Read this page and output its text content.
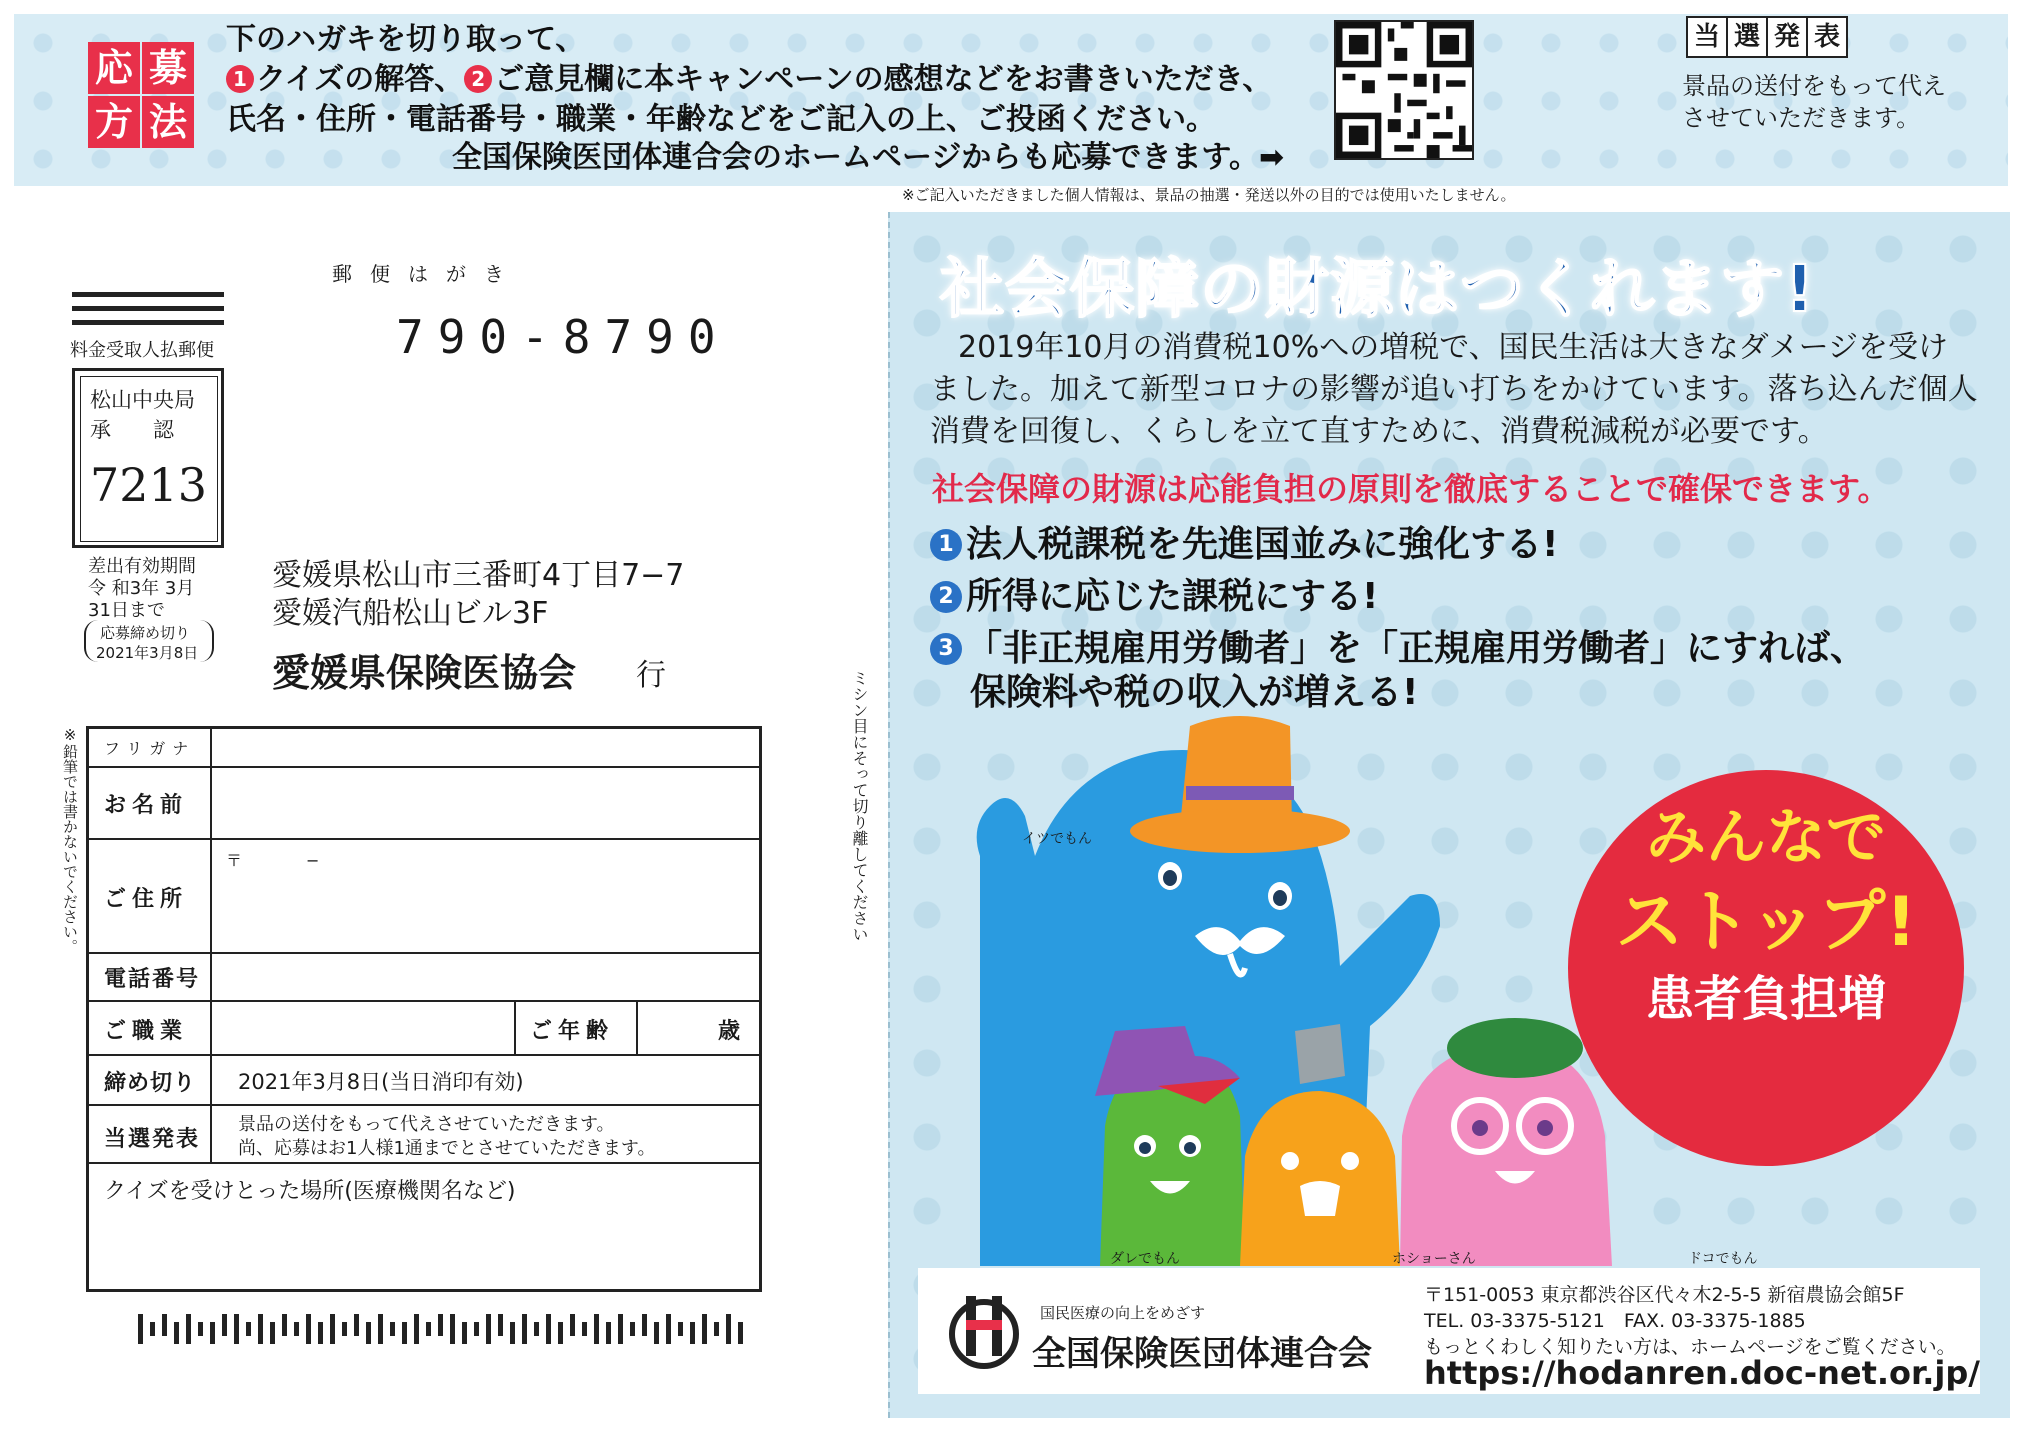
応 募
方 法
下のハガキを切り取って、
1 クイズの解答、 2 ご意見欄に本キャンペーンの感想などをお書きいただき、
氏名・住所・電話番号・職業・年齢などをご記入の上、ご投函ください。
全国保険医団体連合会のホームページからも応募できます。➡
当 選 発 表
景品の送付をもって代え
させていただきます。
※ご記入いただきました個人情報は、景品の抽選・発送以外の目的では使用いたしません。
郵便はがき
料金受取人払郵便	790-8790
松山中央局
承　　認
7213
差出有効期間
令 和3年 3月
31日まで
応募締め切り
2021年3月8日
愛媛県松山市三番町4丁目7−7
愛媛汽船松山ビル3F
愛媛県保険医協会 行
※鉛筆では書かないでください。	ミシン目にそって切り離してください
フリガナ
お名前
ご住所
〒　　　　−
電話番号
ご職業	ご年齢	歳
締め切り 2021年3月8日(当日消印有効)
当選発表
景品の送付をもって代えさせていただきます。
尚、応募はお1人様1通までとさせていただきます。
クイズを受けとった場所(医療機関名など)
社会保障の財源はつくれます!
2019年10月の消費税10%への増税で、国民生活は大きなダメージを受け
ました。加えて新型コロナの影響が追い打ちをかけています。落ち込んだ個人
消費を回復し、くらしを立て直すために、消費税減税が必要です。
社会保障の財源は応能負担の原則を徹底することで確保できます。
1 法人税課税を先進国並みに強化する!
2 所得に応じた課税にする!
3 「非正規雇用労働者」を「正規雇用労働者」にすれば、
保険料や税の収入が増える!
イツでもん
ダレでもん	ホショーさん	ドコでもん
みんなで
ストップ!
患者負担増
国民医療の向上をめざす
全国保険医団体連合会
〒151-0053 東京都渋谷区代々木2-5-5 新宿農協会館5F
TEL. 03-3375-5121　FAX. 03-3375-1885
もっとくわしく知りたい方は、ホームページをご覧ください。
https://hodanren.doc-net.or.jp/
